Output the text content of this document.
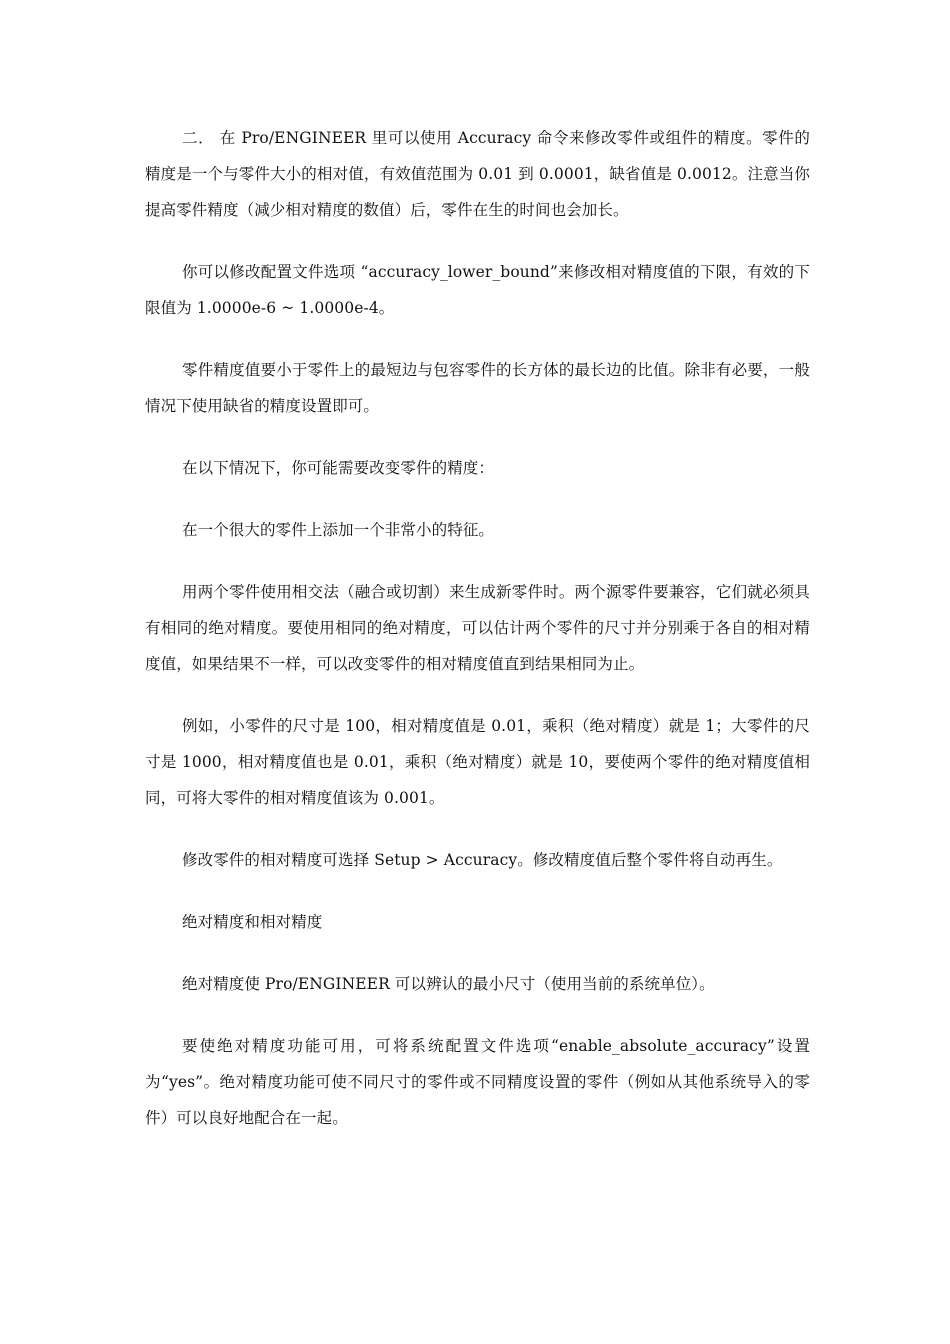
二． 在 Pro/ENGINEER 里可以使用 Accuracy 命令来修改零件或组件的精度。零件的精度是一个与零件大小的相对值，有效值范围为 0.01 到 0.0001，缺省值是 0.0012。注意当你提高零件精度（减少相对精度的数值）后，零件在生的时间也会加长。

你可以修改配置文件选项 “accuracy_lower_bound”来修改相对精度值的下限，有效的下限值为 1.0000e-6 ~ 1.0000e-4。

零件精度值要小于零件上的最短边与包容零件的长方体的最长边的比值。除非有必要，一般情况下使用缺省的精度设置即可。

在以下情况下，你可能需要改变零件的精度：

在一个很大的零件上添加一个非常小的特征。

用两个零件使用相交法（融合或切割）来生成新零件时。两个源零件要兼容，它们就必须具有相同的绝对精度。要使用相同的绝对精度，可以估计两个零件的尺寸并分别乘于各自的相对精度值，如果结果不一样，可以改变零件的相对精度值直到结果相同为止。

例如，小零件的尺寸是 100，相对精度值是 0.01，乘积（绝对精度）就是 1；大零件的尺寸是 1000，相对精度值也是 0.01，乘积（绝对精度）就是 10，要使两个零件的绝对精度值相同，可将大零件的相对精度值该为 0.001。

修改零件的相对精度可选择 Setup > Accuracy。修改精度值后整个零件将自动再生。

绝对精度和相对精度

绝对精度使 Pro/ENGINEER 可以辨认的最小尺寸（使用当前的系统单位）。

要使绝对精度功能可用，可将系统配置文件选项“enable_absolute_accuracy”设置为“yes”。绝对精度功能可使不同尺寸的零件或不同精度设置的零件（例如从其他系统导入的零件）可以良好地配合在一起。
